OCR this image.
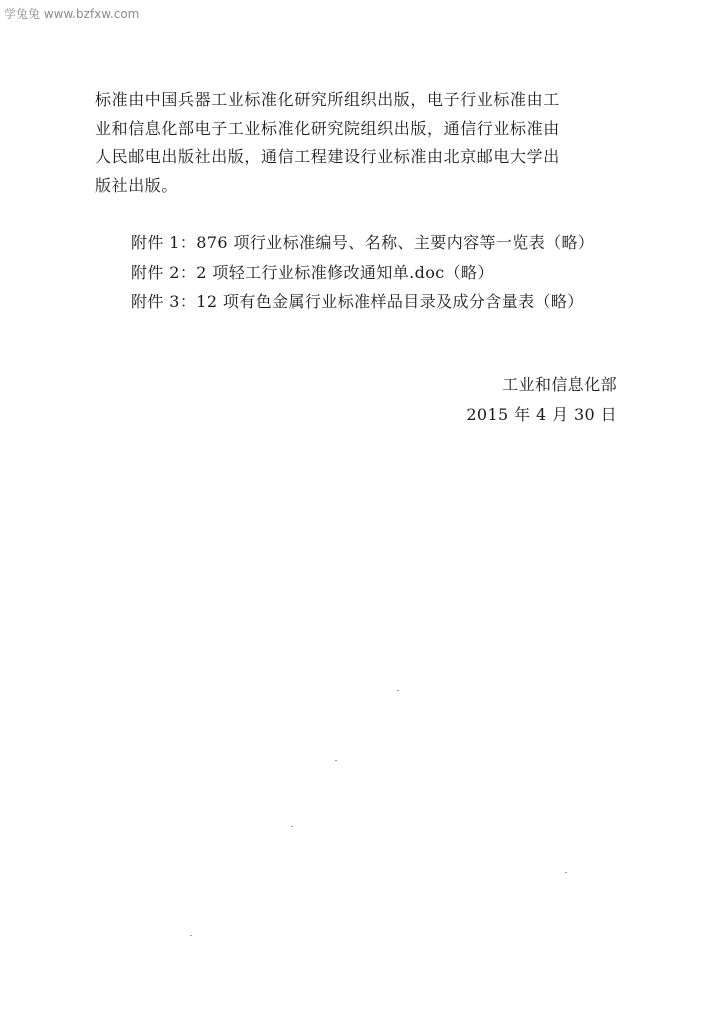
学兔兔 www.bzfxw.com

标准由中国兵器工业标准化研究所组织出版，电子行业标准由工
业和信息化部电子工业标准化研究院组织出版，通信行业标准由
人民邮电出版社出版，通信工程建设行业标准由北京邮电大学出
版社出版。

附件 1：876 项行业标准编号、名称、主要内容等一览表（略）
附件 2：2 项轻工行业标准修改通知单.doc（略）
附件 3：12 项有色金属行业标准样品目录及成分含量表（略）
工业和信息化部
2015 年 4 月 30 日
